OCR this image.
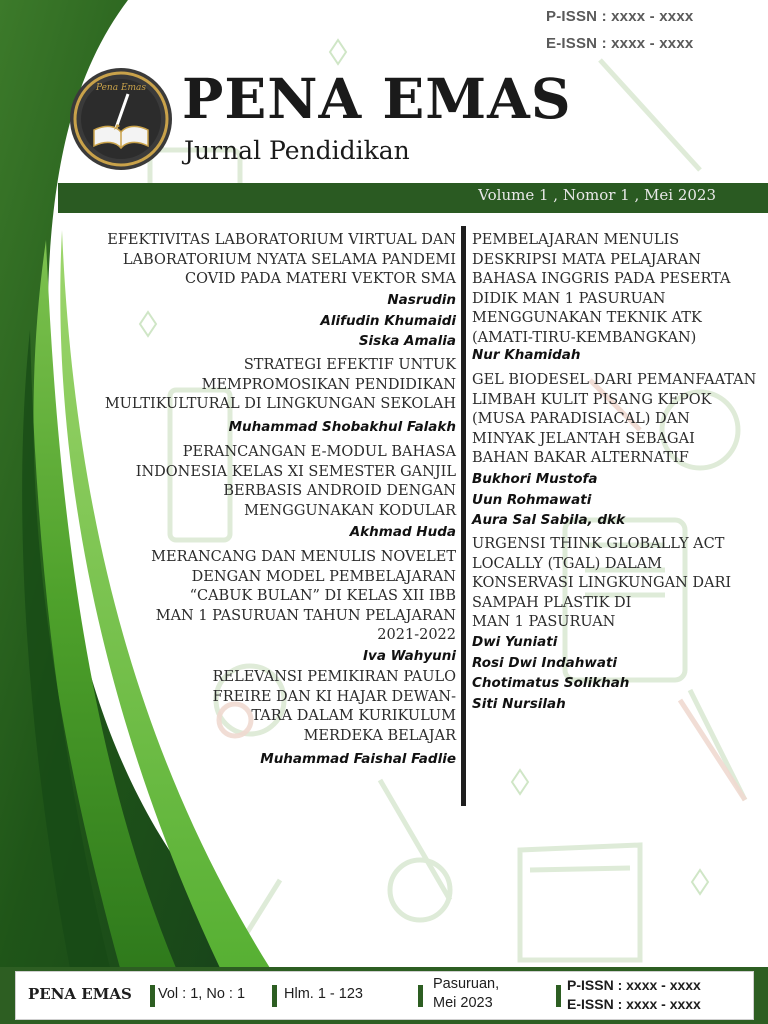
P-ISSN : xxxx - xxxx
E-ISSN : xxxx - xxxx
Pena Emas PENA EMAS
Jurnal Pendidikan
Volume 1 , Nomor 1 , Mei 2023
EFEKTIVITAS LABORATORIUM VIRTUAL DAN
LABORATORIUM NYATA SELAMA PANDEMI
COVID PADA MATERI VEKTOR SMA
Nasrudin
Alifudin Khumaidi
Siska Amalia
STRATEGI EFEKTIF UNTUK
MEMPROMOSIKAN PENDIDIKAN
MULTIKULTURAL DI LINGKUNGAN SEKOLAH
Muhammad Shobakhul Falakh
PERANCANGAN E-MODUL BAHASA
INDONESIA KELAS XI SEMESTER GANJIL
BERBASIS ANDROID DENGAN
MENGGUNAKAN KODULAR
Akhmad Huda
MERANCANG DAN MENULIS NOVELET
DENGAN MODEL PEMBELAJARAN
“CABUK BULAN” DI KELAS XII IBB
MAN 1 PASURUAN TAHUN PELAJARAN
2021-2022
Iva Wahyuni
RELEVANSI PEMIKIRAN PAULO
FREIRE DAN KI HAJAR DEWAN-
TARA DALAM KURIKULUM
MERDEKA BELAJAR
Muhammad Faishal Fadlie
PEMBELAJARAN MENULIS
DESKRIPSI MATA PELAJARAN
BAHASA INGGRIS PADA PESERTA
DIDIK MAN 1 PASURUAN
MENGGUNAKAN TEKNIK ATK
(AMATI-TIRU-KEMBANGKAN)
Nur Khamidah
GEL BIODESEL DARI PEMANFAATAN
LIMBAH KULIT PISANG KEPOK
(MUSA PARADISIACAL) DAN
MINYAK JELANTAH SEBAGAI
BAHAN BAKAR ALTERNATIF
Bukhori Mustofa
Uun Rohmawati
Aura Sal Sabila, dkk
URGENSI THINK GLOBALLY ACT
LOCALLY (TGAL) DALAM
KONSERVASI LINGKUNGAN DARI
SAMPAH PLASTIK DI
MAN 1 PASURUAN
Dwi Yuniati
Rosi Dwi Indahwati
Chotimatus Solikhah
Siti Nursilah
PENA EMAS Vol : 1, No : 1	Hlm. 1 - 123
Pasuruan,
Mei 2023
P-ISSN : xxxx - xxxx
E-ISSN : xxxx - xxxx
